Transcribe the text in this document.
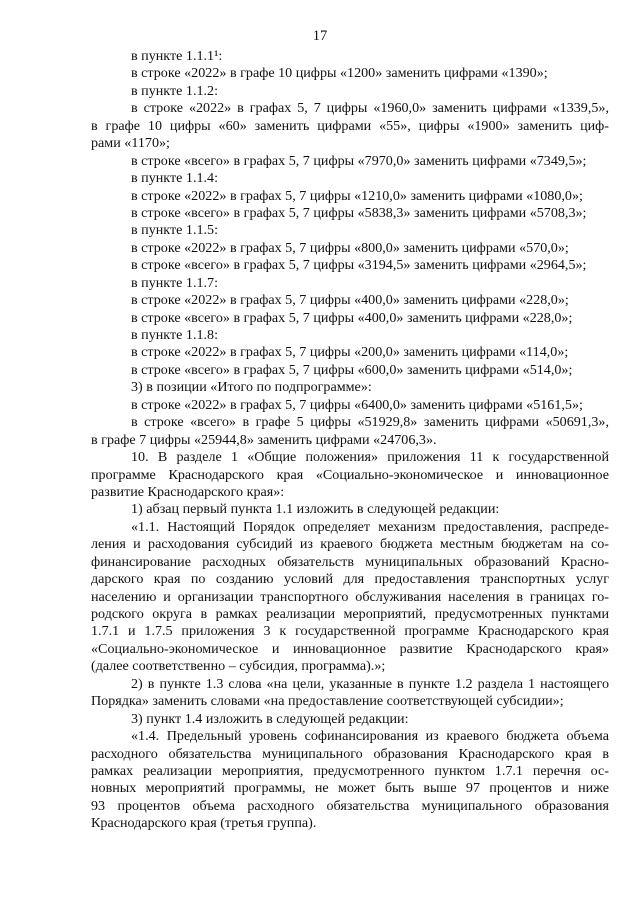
17
в пункте 1.1.1¹:
в строке «2022» в графе 10 цифры «1200» заменить цифрами «1390»;
в пункте 1.1.2:
в строке «2022» в графах 5, 7 цифры «1960,0» заменить цифрами «1339,5»,
в графе 10 цифры «60» заменить цифрами «55», цифры «1900» заменить циф-
рами «1170»;
в строке «всего» в графах 5, 7 цифры «7970,0» заменить цифрами «7349,5»;
в пункте 1.1.4:
в строке «2022» в графах 5, 7 цифры «1210,0» заменить цифрами «1080,0»;
в строке «всего» в графах 5, 7 цифры «5838,3» заменить цифрами «5708,3»;
в пункте 1.1.5:
в строке «2022» в графах 5, 7 цифры «800,0» заменить цифрами «570,0»;
в строке «всего» в графах 5, 7 цифры «3194,5» заменить цифрами «2964,5»;
в пункте 1.1.7:
в строке «2022» в графах 5, 7 цифры «400,0» заменить цифрами «228,0»;
в строке «всего» в графах 5, 7 цифры «400,0» заменить цифрами «228,0»;
в пункте 1.1.8:
в строке «2022» в графах 5, 7 цифры «200,0» заменить цифрами «114,0»;
в строке «всего» в графах 5, 7 цифры «600,0» заменить цифрами «514,0»;
3) в позиции «Итого по подпрограмме»:
в строке «2022» в графах 5, 7 цифры «6400,0» заменить цифрами «5161,5»;
в строке «всего» в графе 5 цифры «51929,8» заменить цифрами «50691,3»,
в графе 7 цифры «25944,8» заменить цифрами «24706,3».
10. В разделе 1 «Общие положения» приложения 11 к государственной
программе Краснодарского края «Социально-экономическое и инновационное
развитие Краснодарского края»:
1) абзац первый пункта 1.1 изложить в следующей редакции:
«1.1. Настоящий Порядок определяет механизм предоставления, распреде-
ления и расходования субсидий из краевого бюджета местным бюджетам на со-
финансирование расходных обязательств муниципальных образований Красно-
дарского края по созданию условий для предоставления транспортных услуг
населению и организации транспортного обслуживания населения в границах го-
родского округа в рамках реализации мероприятий, предусмотренных пунктами
1.7.1 и 1.7.5 приложения 3 к государственной программе Краснодарского края
«Социально-экономическое и инновационное развитие Краснодарского края»
(далее соответственно – субсидия, программа).»;
2) в пункте 1.3 слова «на цели, указанные в пункте 1.2 раздела 1 настоящего
Порядка» заменить словами «на предоставление соответствующей субсидии»;
3) пункт 1.4 изложить в следующей редакции:
«1.4. Предельный уровень софинансирования из краевого бюджета объема
расходного обязательства муниципального образования Краснодарского края в
рамках реализации мероприятия, предусмотренного пунктом 1.7.1 перечня ос-
новных мероприятий программы, не может быть выше 97 процентов и ниже
93 процентов объема расходного обязательства муниципального образования
Краснодарского края (третья группа).
